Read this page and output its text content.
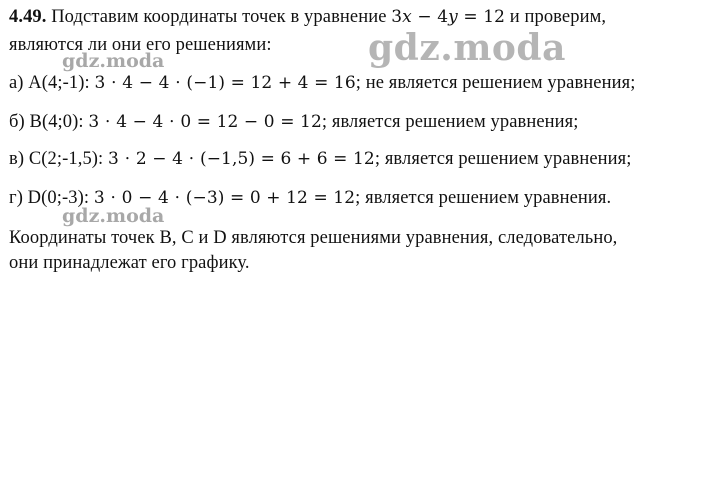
4.49. Подставим координаты точек в уравнение 3𝑥 − 4𝑦 = 12 и проверим,
являются ли они его решениями:
а) A(4;-1): 3 ⋅ 4 − 4 ⋅ (−1) = 12 + 4 = 16; не является решением уравнения;
б) B(4;0): 3 ⋅ 4 − 4 ⋅ 0 = 12 − 0 = 12; является решением уравнения;
в) C(2;-1,5): 3 ⋅ 2 − 4 ⋅ (−1,5) = 6 + 6 = 12; является решением уравнения;
г) D(0;-3): 3 ⋅ 0 − 4 ⋅ (−3) = 0 + 12 = 12; является решением уравнения.
Координаты точек B, C и D являются решениями уравнения, следовательно,
они принадлежат его графику.
gdz.moda
gdz.moda
gdz.moda
